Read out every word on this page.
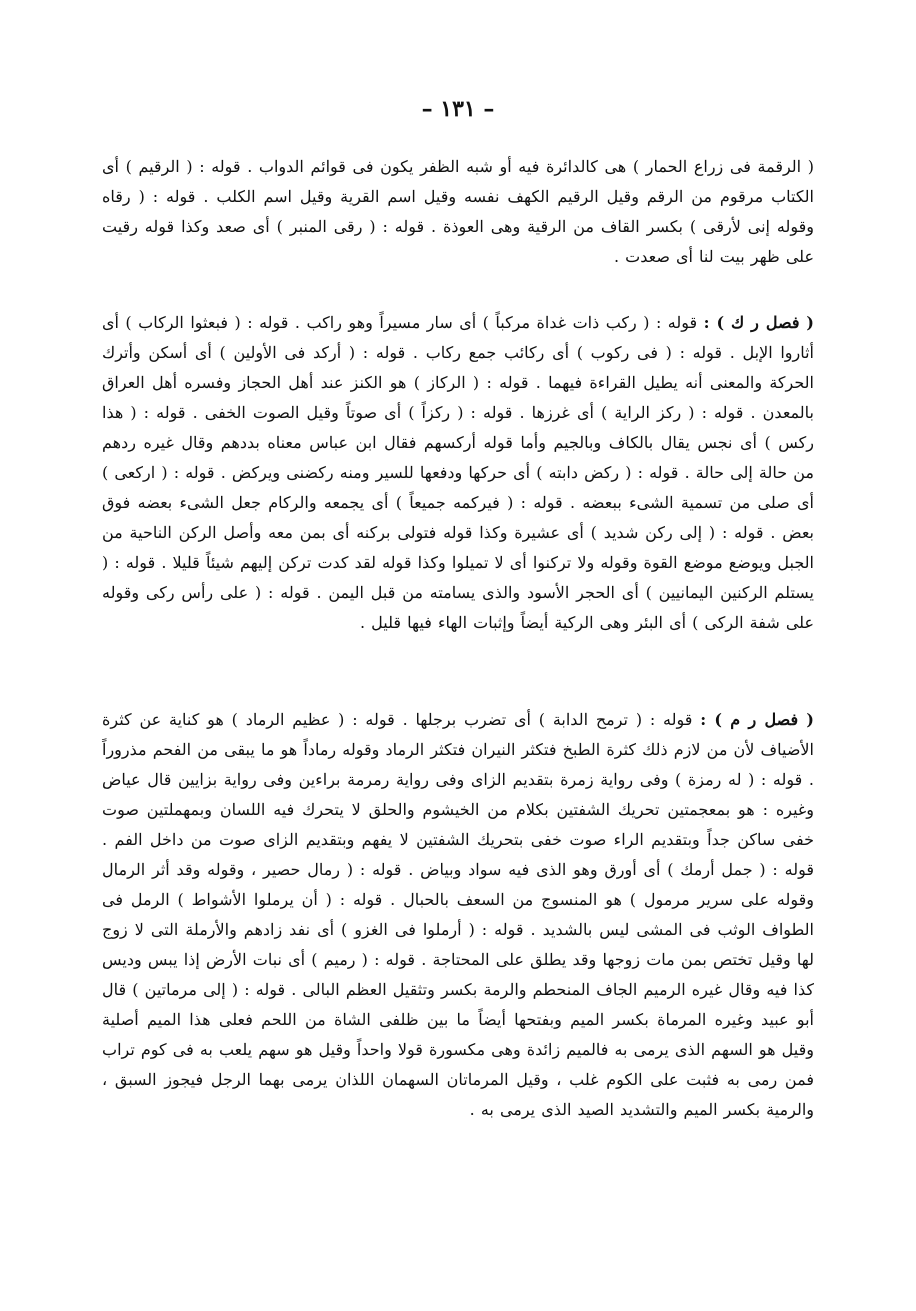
– ١٣١ –
( الرقمة فى زراع الحمار ) هى كالدائرة فيه أو شبه الظفر يكون فى قوائم الدواب . قوله : ( الرقيم ) أى الكتاب مرقوم من الرقم وقيل الرقيم الكهف نفسه وقيل اسم القرية وقيل اسم الكلب . قوله : ( رقاه وقوله إنى لأرقى ) بكسر القاف من الرقية وهى العوذة . قوله : ( رقى المنبر ) أى صعد وكذا قوله رقيت على ظهر بيت لنا أى صعدت .
( فصل ر ك ) : قوله : ( ركب ذات غداة مركباً ) أى سار مسيراً وهو راكب . قوله : ( فبعثوا الركاب ) أى أثاروا الإبل . قوله : ( فى ركوب ) أى ركائب جمع ركاب . قوله : ( أركد فى الأولين ) أى أسكن وأترك الحركة والمعنى أنه يطيل القراءة فيهما . قوله : ( الركاز ) هو الكنز عند أهل الحجاز وفسره أهل العراق بالمعدن . قوله : ( ركز الراية ) أى غرزها . قوله : ( ركزاً ) أى صوتاً وقيل الصوت الخفى . قوله : ( هذا ركس ) أى نجس يقال بالكاف وبالجيم وأما قوله أركسهم فقال ابن عباس معناه بددهم وقال غيره ردهم من حالة إلى حالة . قوله : ( ركض دابته ) أى حركها ودفعها للسير ومنه ركضنى ويركض . قوله : ( اركعى ) أى صلى من تسمية الشىء ببعضه . قوله : ( فيركمه جميعاً ) أى يجمعه والركام جعل الشىء بعضه فوق بعض . قوله : ( إلى ركن شديد ) أى عشيرة وكذا قوله فتولى بركنه أى بمن معه وأصل الركن الناحية من الجبل ويوضع موضع القوة وقوله ولا تركنوا أى لا تميلوا وكذا قوله لقد كدت تركن إليهم شيئاً قليلا . قوله : ( يستلم الركنين اليمانيين ) أى الحجر الأسود والذى يسامته من قبل اليمن . قوله : ( على رأس ركى وقوله على شفة الركى ) أى البئر وهى الركية أيضاً وإثبات الهاء فيها قليل .
( فصل ر م ) : قوله : ( ترمح الدابة ) أى تضرب برجلها . قوله : ( عظيم الرماد ) هو كناية عن كثرة الأضياف لأن من لازم ذلك كثرة الطبخ فتكثر النيران فتكثر الرماد وقوله رماداً هو ما يبقى من الفحم مذروراً . قوله : ( له رمزة ) وفى رواية زمرة بتقديم الزاى وفى رواية رمرمة براءين وفى رواية بزايين قال عياض وغيره : هو بمعجمتين تحريك الشفتين بكلام من الخيشوم والحلق لا يتحرك فيه اللسان وبمهملتين صوت خفى ساكن جداً وبتقديم الراء صوت خفى بتحريك الشفتين لا يفهم وبتقديم الزاى صوت من داخل الفم . قوله : ( جمل أرمك ) أى أورق وهو الذى فيه سواد وبياض . قوله : ( رمال حصير ، وقوله وقد أثر الرمال وقوله على سرير مرمول ) هو المنسوج من السعف بالحبال . قوله : ( أن يرملوا الأشواط ) الرمل فى الطواف الوثب فى المشى ليس بالشديد . قوله : ( أرملوا فى الغزو ) أى نفد زادهم والأرملة التى لا زوج لها وقيل تختص بمن مات زوجها وقد يطلق على المحتاجة . قوله : ( رميم ) أى نبات الأرض إذا يبس وديس كذا فيه وقال غيره الرميم الجاف المنحطم والرمة بكسر وتثقيل العظم البالى . قوله : ( إلى مرماتين ) قال أبو عبيد وغيره المرماة بكسر الميم وبفتحها أيضاً ما بين ظلفى الشاة من اللحم فعلى هذا الميم أصلية وقيل هو السهم الذى يرمى به فالميم زائدة وهى مكسورة قولا واحداً وقيل هو سهم يلعب به فى كوم تراب فمن رمى به فثبت على الكوم غلب ، وقيل المرماتان السهمان اللذان يرمى بهما الرجل فيجوز السبق ، والرمية بكسر الميم والتشديد الصيد الذى يرمى به .
